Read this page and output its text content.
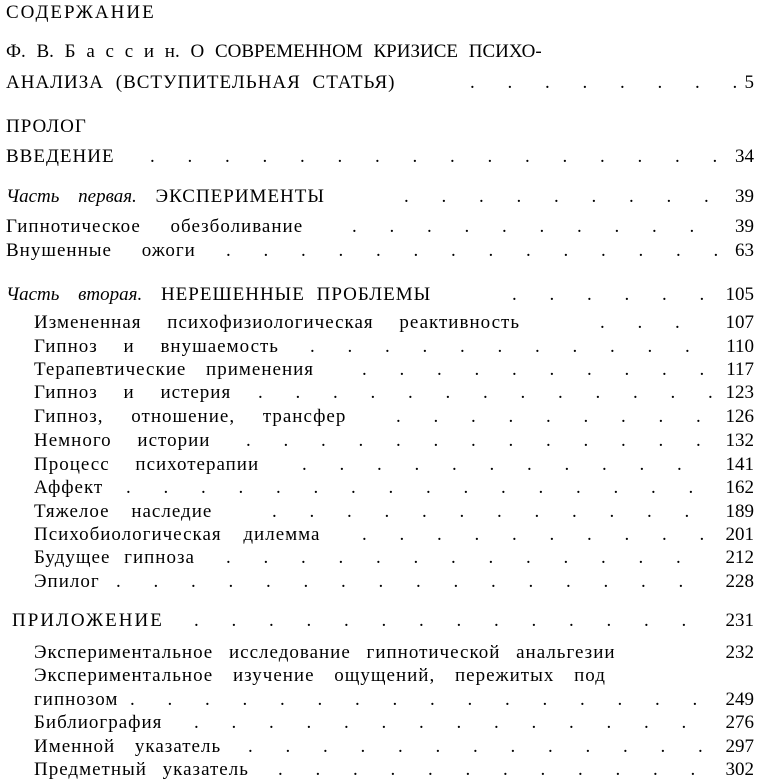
СОДЕРЖАНИЕ
Ф. В. Б а с с и н. О СОВРЕМЕННОМ КРИЗИСЕ ПСИХО-
АНАЛИЗА (ВСТУПИТЕЛЬНАЯ СТАТЬЯ) . . .	5
ПРОЛОГ
ВВЕДЕНИЕ . . .	34
Часть первая. ЭКСПЕРИМЕНТЫ . . .	39
Гипнотическое обезболивание . . .	39
Внушенные ожоги . . .	63
Часть вторая. НЕРЕШЕННЫЕ ПРОБЛЕМЫ . . .	105
Измененная психофизиологическая реактивность . . .	107
Гипноз и внушаемость . . .	110
Терапевтические применения . . .	117
Гипноз и истерия . . .	123
Гипноз, отношение, трансфер . . .	126
Немного истории . . .	132
Процесс психотерапии . . .	141
Аффект . . .	162
Тяжелое наследие . . .	189
Психобиологическая дилемма . . .	201
Будущее гипноза . . .	212
Эпилог . . .	228
ПРИЛОЖЕНИЕ . . .	231
Экспериментальное исследование гипнотической анальгезии	232
Экспериментальное изучение ощущений, пережитых под
гипнозом . . .	249
Библиография . . .	276
Именной указатель . . .	297
Предметный указатель . . .	302
